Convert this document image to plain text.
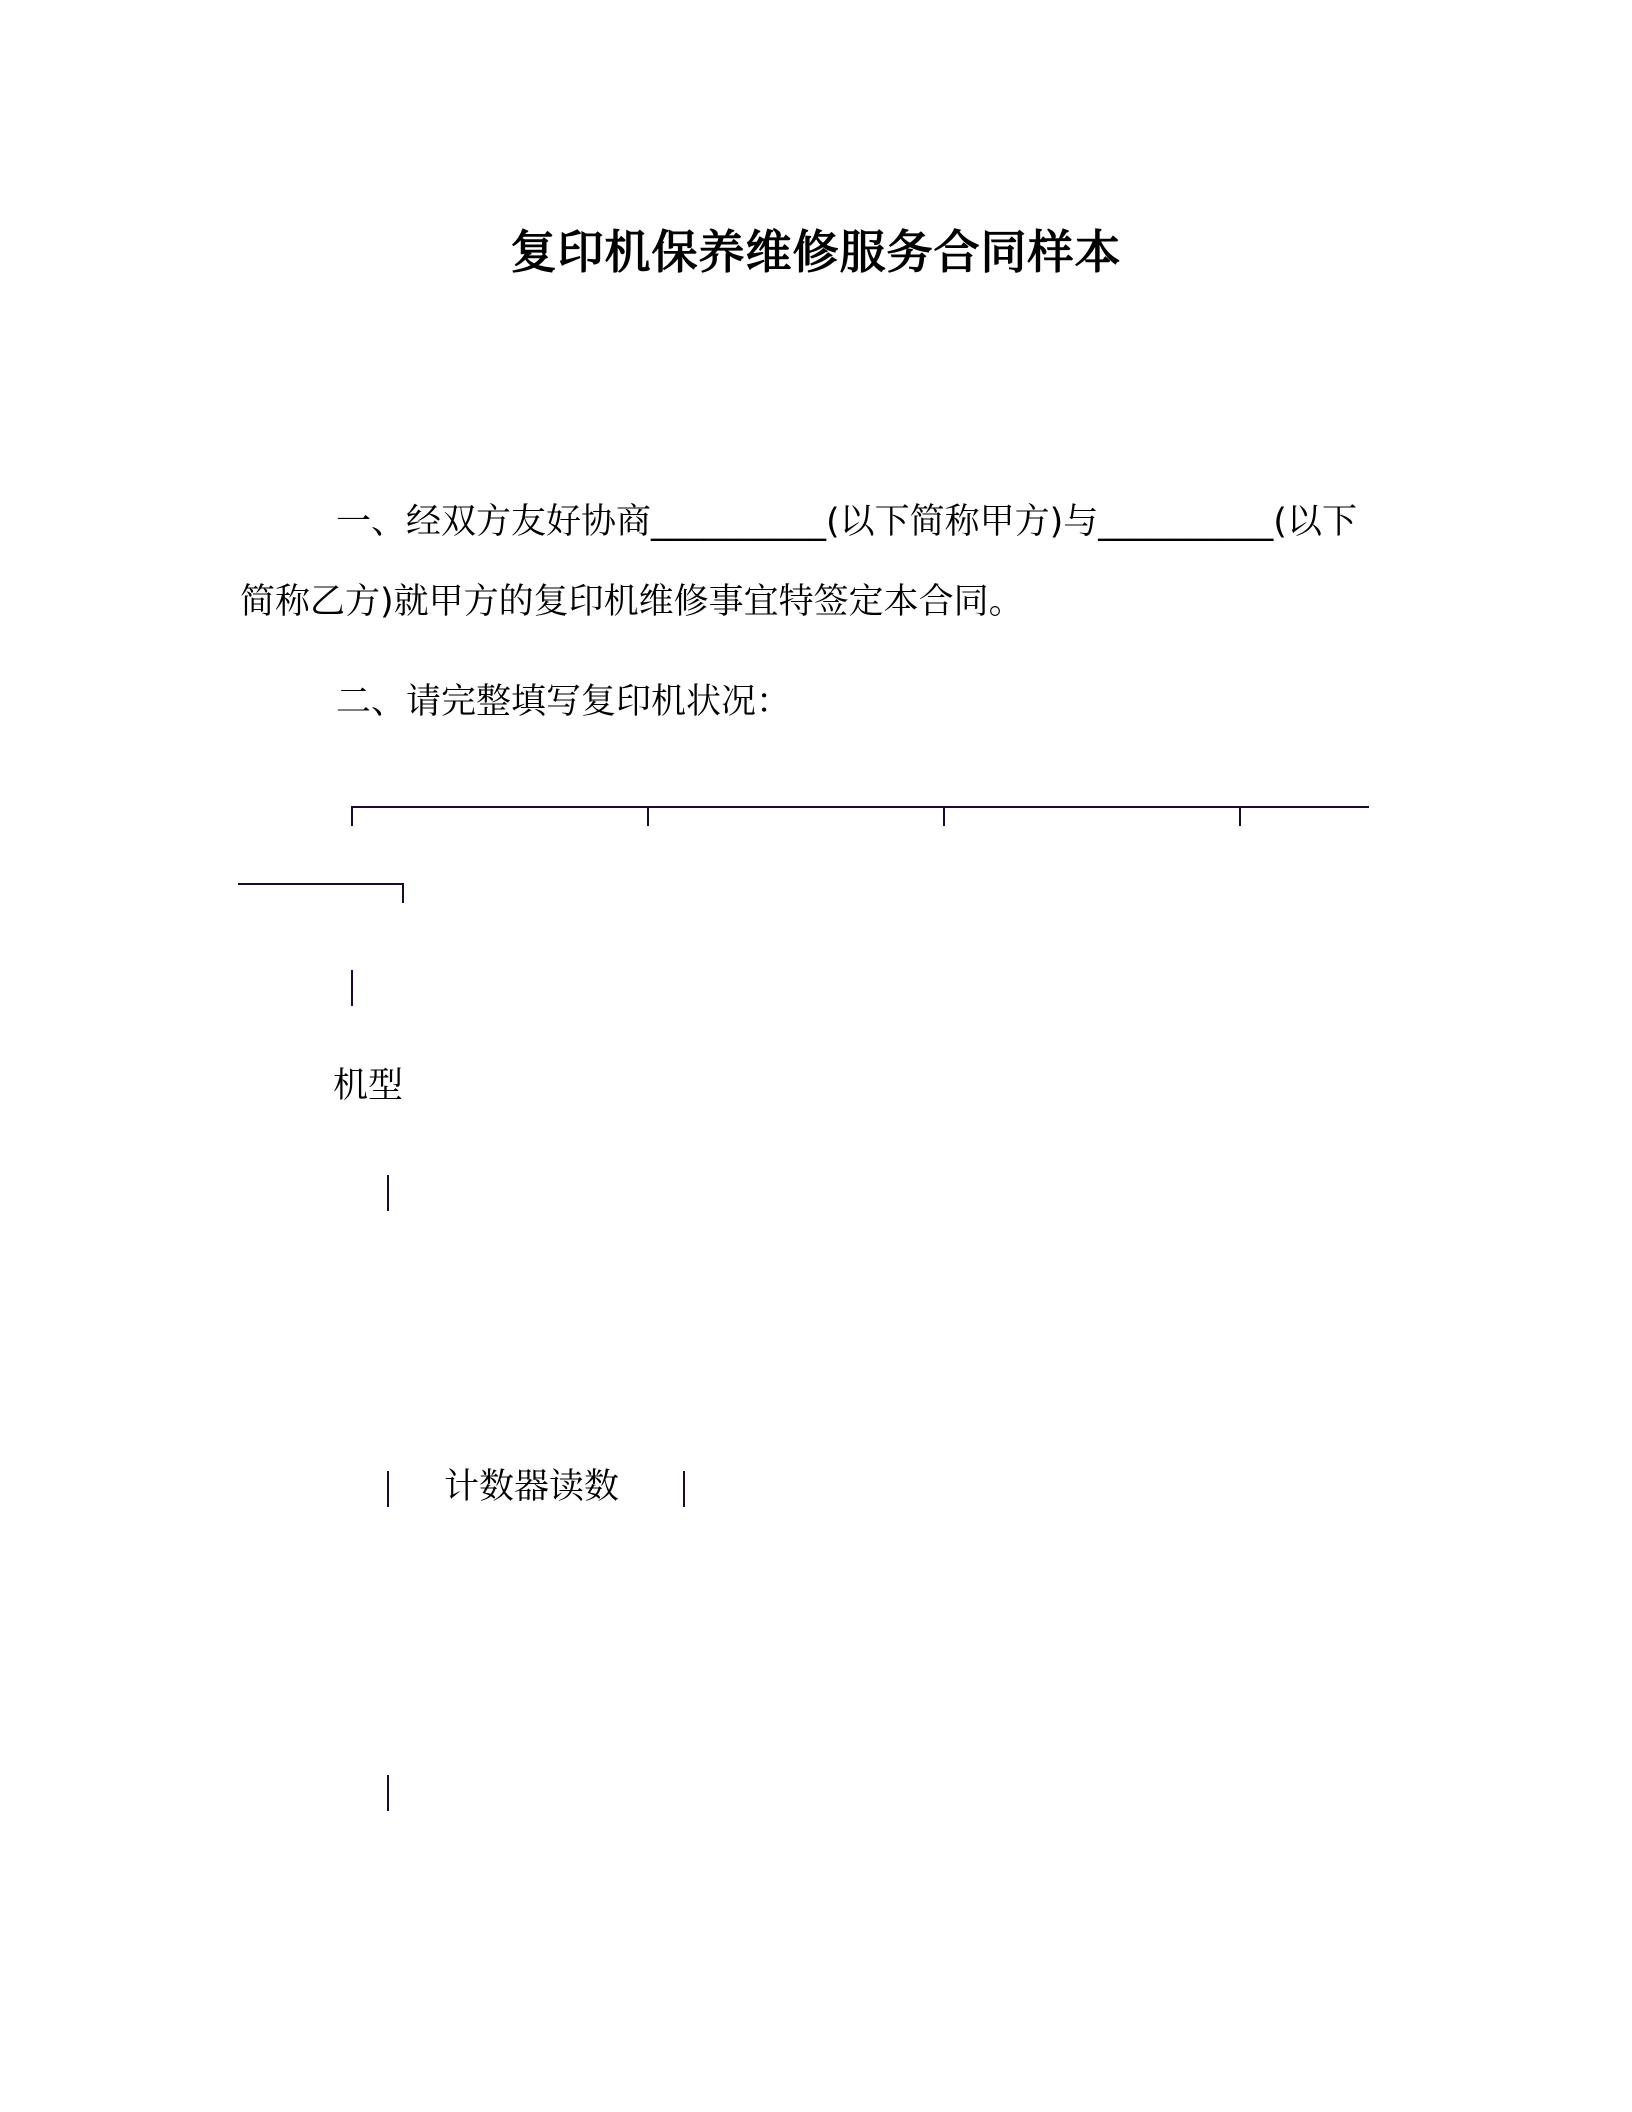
复印机保养维修服务合同样本
一、经双方友好协商__________(以下简称甲方)与__________(以下简称乙方)就甲方的复印机维修事宜特签定本合同。
二、请完整填写复印机状况：
机型
计数器读数
